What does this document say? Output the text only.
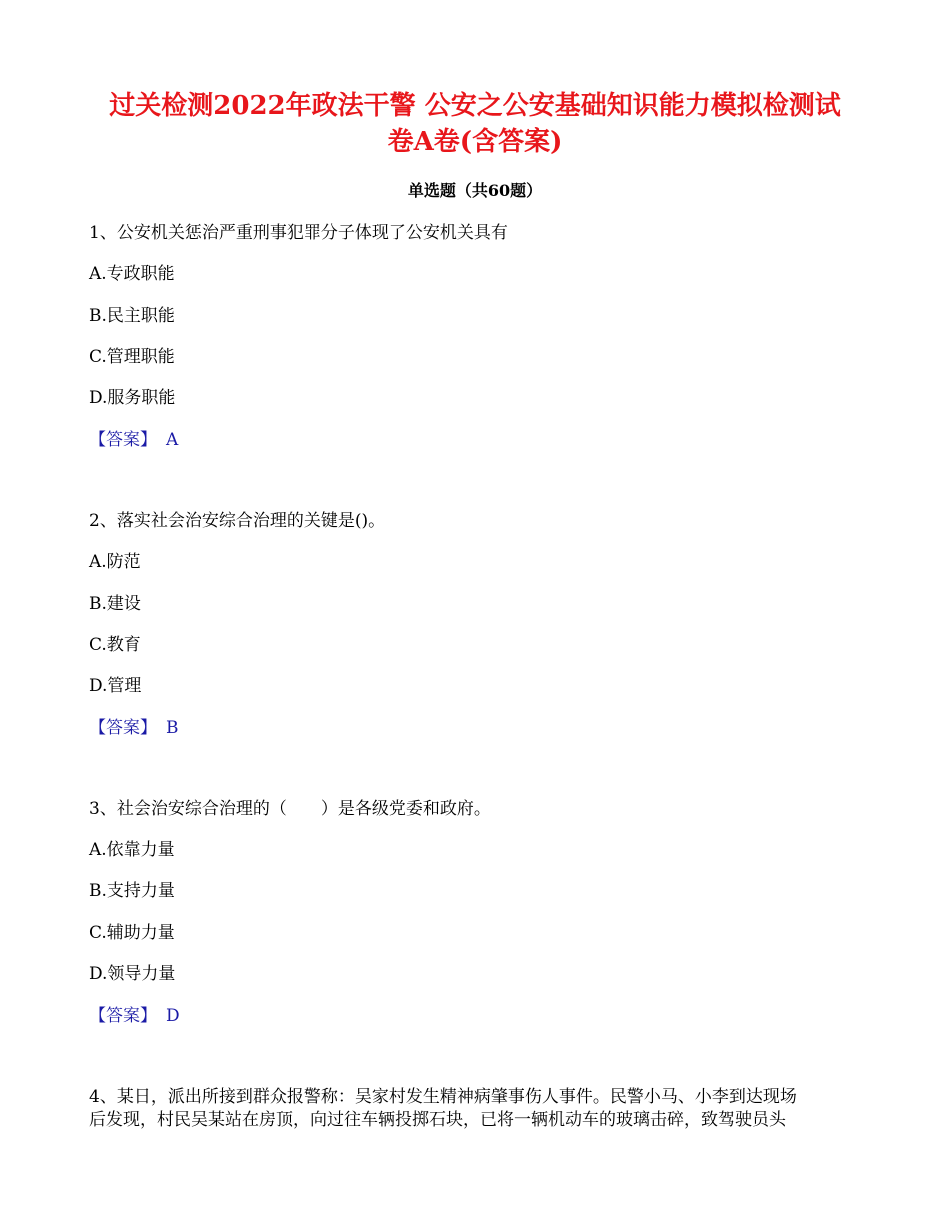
过关检测2022年政法干警 公安之公安基础知识能力模拟检测试
卷A卷(含答案)
单选题（共60题）
1、公安机关惩治严重刑事犯罪分子体现了公安机关具有
A.专政职能
B.民主职能
C.管理职能
D.服务职能
【答案】 A
2、落实社会治安综合治理的关键是()。
A.防范
B.建设
C.教育
D.管理
【答案】 B
3、社会治安综合治理的（　　）是各级党委和政府。
A.依靠力量
B.支持力量
C.辅助力量
D.领导力量
【答案】 D
4、某日，派出所接到群众报警称：吴家村发生精神病肇事伤人事件。民警小马、小李到达现场
后发现，村民吴某站在房顶，向过往车辆投掷石块，已将一辆机动车的玻璃击碎，致驾驶员头
